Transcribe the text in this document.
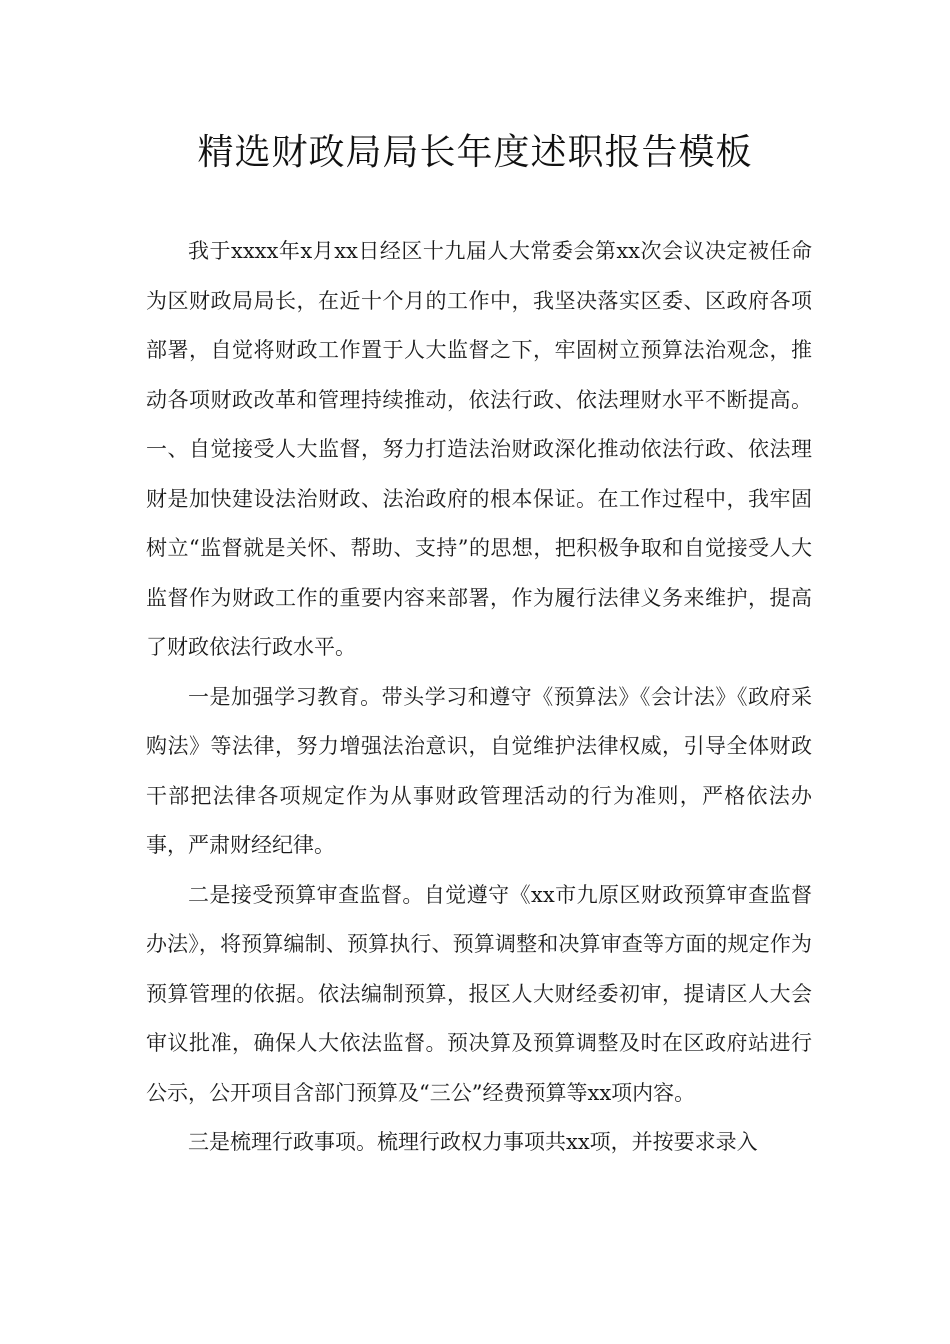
精选财政局局长年度述职报告模板

我于xxxx年x月xx日经区十九届人大常委会第xx次会议决定被任命为区财政局局长，在近十个月的工作中，我坚决落实区委、区政府各项部署，自觉将财政工作置于人大监督之下，牢固树立预算法治观念，推动各项财政改革和管理持续推动，依法行政、依法理财水平不断提高。一、自觉接受人大监督，努力打造法治财政深化推动依法行政、依法理财是加快建设法治财政、法治政府的根本保证。在工作过程中，我牢固树立“监督就是关怀、帮助、支持”的思想，把积极争取和自觉接受人大监督作为财政工作的重要内容来部署，作为履行法律义务来维护，提高了财政依法行政水平。

一是加强学习教育。带头学习和遵守《预算法》《会计法》《政府采购法》等法律，努力增强法治意识，自觉维护法律权威，引导全体财政干部把法律各项规定作为从事财政管理活动的行为准则，严格依法办事，严肃财经纪律。

二是接受预算审查监督。自觉遵守《xx市九原区财政预算审查监督办法》，将预算编制、预算执行、预算调整和决算审查等方面的规定作为预算管理的依据。依法编制预算，报区人大财经委初审，提请区人大会审议批准，确保人大依法监督。预决算及预算调整及时在区政府站进行公示，公开项目含部门预算及“三公”经费预算等xx项内容。

三是梳理行政事项。梳理行政权力事项共xx项，并按要求录入
